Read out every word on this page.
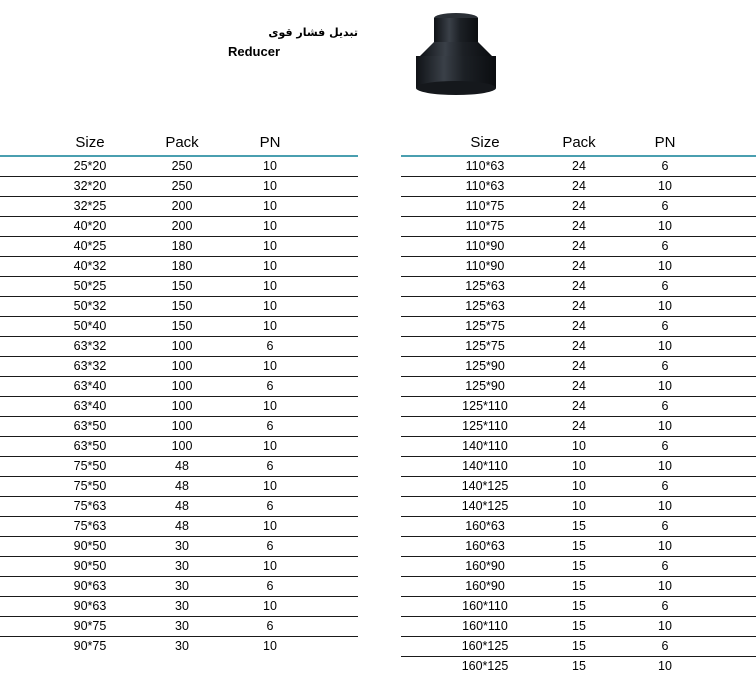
تبدیل فشار قوی
Reducer
Size	Pack	PN
25*20	250	10
32*20	250	10
32*25	200	10
40*20	200	10
40*25	180	10
40*32	180	10
50*25	150	10
50*32	150	10
50*40	150	10
63*32	100	6
63*32	100	10
63*40	100	6
63*40	100	10
63*50	100	6
63*50	100	10
75*50	48	6
75*50	48	10
75*63	48	6
75*63	48	10
90*50	30	6
90*50	30	10
90*63	30	6
90*63	30	10
90*75	30	6
90*75	30	10
Size	Pack	PN
110*63	24	6
110*63	24	10
110*75	24	6
110*75	24	10
110*90	24	6
110*90	24	10
125*63	24	6
125*63	24	10
125*75	24	6
125*75	24	10
125*90	24	6
125*90	24	10
125*110	24	6
125*110	24	10
140*110	10	6
140*110	10	10
140*125	10	6
140*125	10	10
160*63	15	6
160*63	15	10
160*90	15	6
160*90	15	10
160*110	15	6
160*110	15	10
160*125	15	6
160*125	15	10
